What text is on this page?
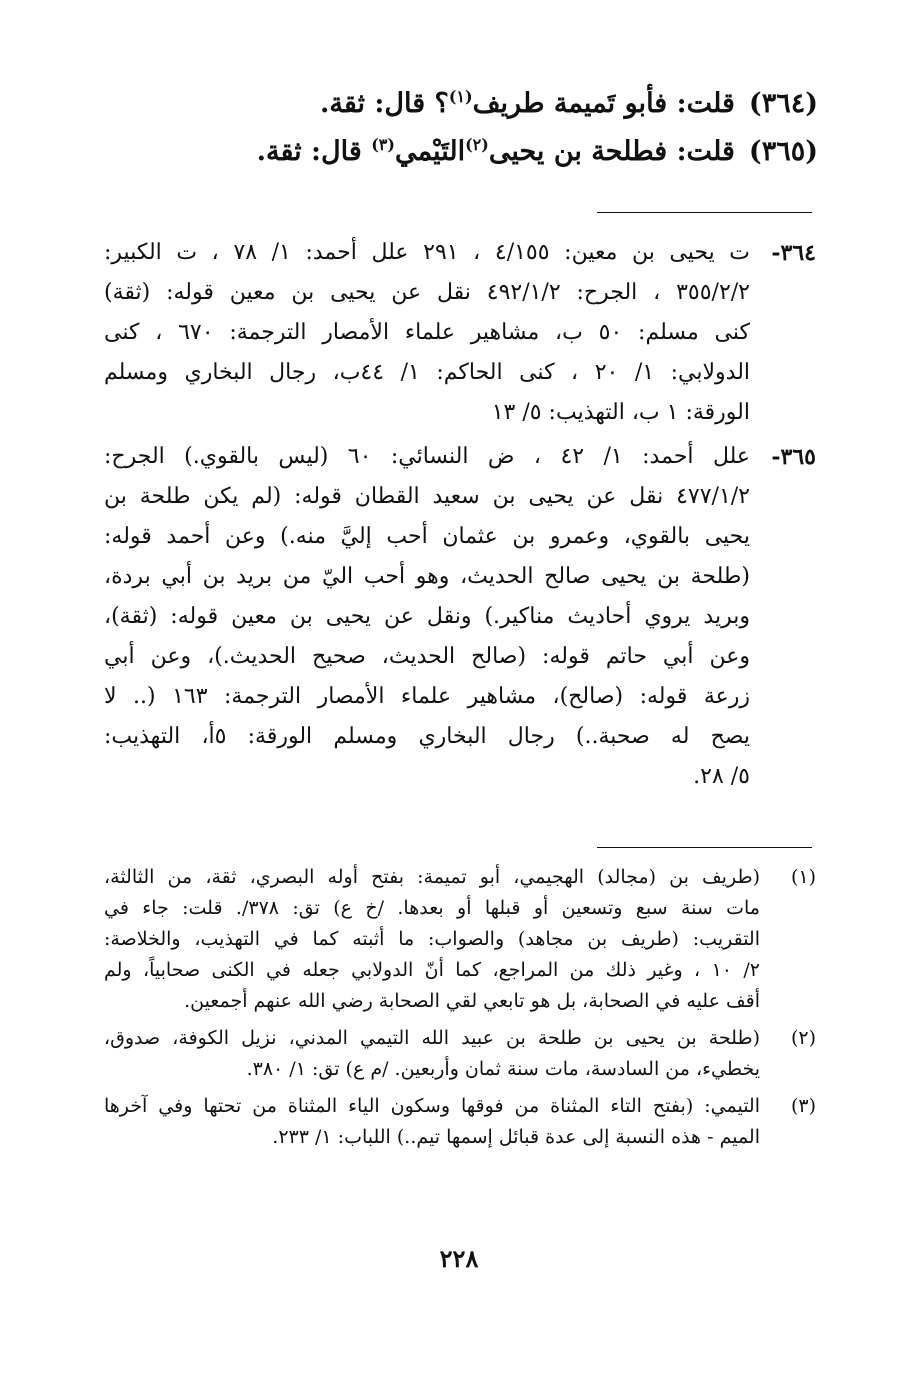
(٣٦٤)
قلت: فأبو تَميمة طريف$^{(١)}$؟ قال: ثقة.
(٣٦٥)
قلت: فطلحة بن يحيى$^{(٢)}$التَيْمي$^{(٣)}$ قال: ثقة.
٣٦٤-
ت يحيى بن معين: ٤/١٥٥ ، ٢٩١ علل أحمد: ١/ ٧٨ ، ت الكبير:
٣٥٥/٢/٢ ، الجرح: ٤٩٢/١/٢ نقل عن يحيى بن معين قوله: (ثقة)
كنى مسلم: ٥٠ ب، مشاهير علماء الأمصار الترجمة: ٦٧٠ ، كنى
الدولابي: ١/ ٢٠ ، كنى الحاكم: ١/ ٤٤ب، رجال البخاري ومسلم
الورقة: ١ ب، التهذيب: ٥/ ١٣
٣٦٥-
علل أحمد: ١/ ٤٢ ، ض النسائي: ٦٠ (ليس بالقوي.) الجرح:
٤٧٧/١/٢ نقل عن يحيى بن سعيد القطان قوله: (لم يكن طلحة بن
يحيى بالقوي، وعمرو بن عثمان أحب إليَّ منه.) وعن أحمد قوله:
(طلحة بن يحيى صالح الحديث، وهو أحب اليّ من بريد بن أبي بردة،
وبريد يروي أحاديث مناكير.) ونقل عن يحيى بن معين قوله: (ثقة)،
وعن أبي حاتم قوله: (صالح الحديث، صحيح الحديث.)، وعن أبي
زرعة قوله: (صالح)، مشاهير علماء الأمصار الترجمة: ١٦٣ (.. لا
يصح له صحبة..) رجال البخاري ومسلم الورقة: ٥أ، التهذيب:
٥/ ٢٨.
(١)
(طريف بن (مجالد) الهجيمي، أبو تميمة: بفتح أوله البصري، ثقة، من الثالثة،
مات سنة سبع وتسعين أو قبلها أو بعدها. /خ ع) تق: ٣٧٨/. قلت: جاء في
التقريب: (طريف بن مجاهد) والصواب: ما أثبته كما في التهذيب، والخلاصة:
٢/ ١٠ ، وغير ذلك من المراجع، كما أنّ الدولابي جعله في الكنى صحابياً، ولم
أقف عليه في الصحابة، بل هو تابعي لقي الصحابة رضي الله عنهم أجمعين.
(٢)
(طلحة بن يحيى بن طلحة بن عبيد الله التيمي المدني، نزيل الكوفة، صدوق،
يخطيء، من السادسة، مات سنة ثمان وأربعين. /م ع) تق: ١/ ٣٨٠.
(٣)
التيمي: (بفتح التاء المثناة من فوقها وسكون الياء المثناة من تحتها وفي آخرها
الميم - هذه النسبة إلى عدة قبائل إسمها تيم..) اللباب: ١/ ٢٣٣.
٢٢٨
